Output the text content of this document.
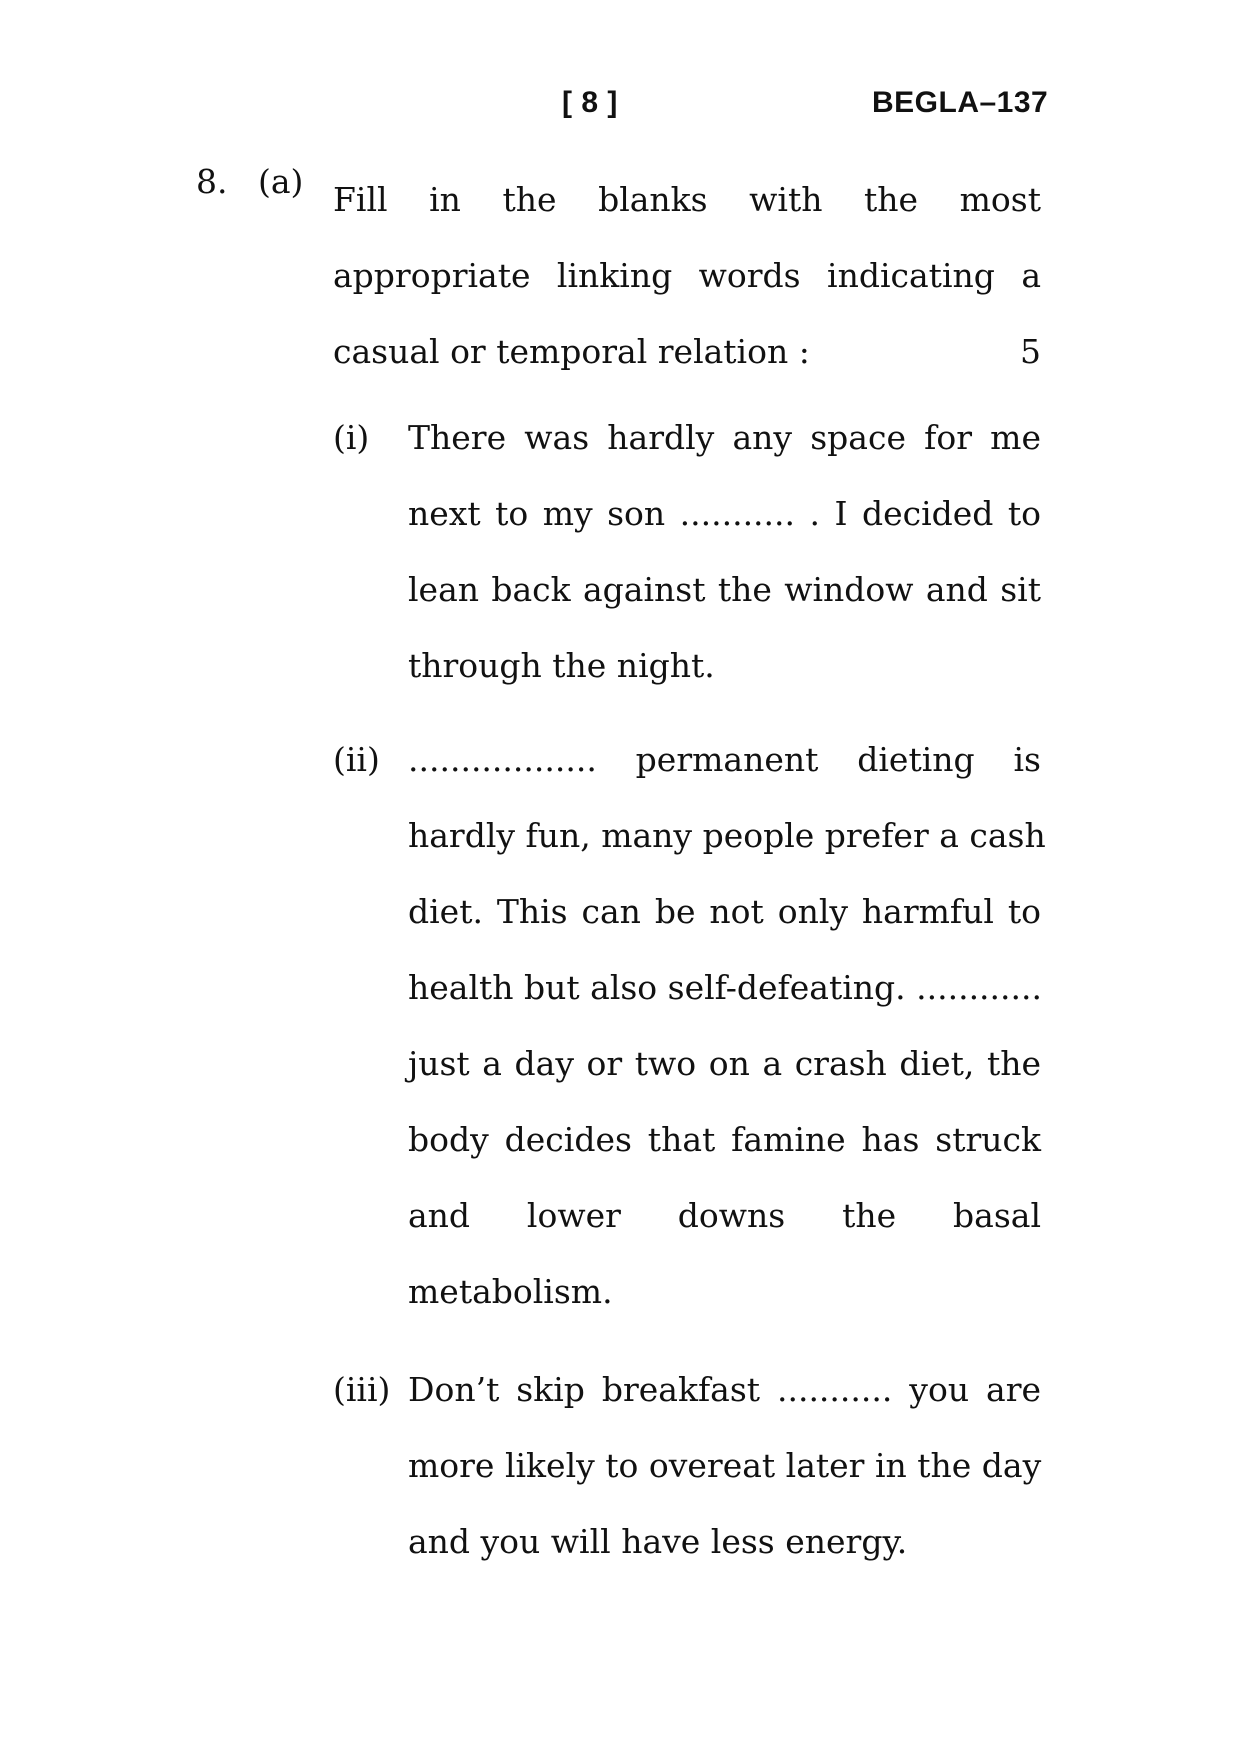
[ 8 ]	BEGLA–137
8. (a) Fill in the blanks with the most
appropriate linking words indicating a
casual or temporal relation :	5
(i) There was hardly any space for me
next to my son ........... . I decided to
lean back against the window and sit
through the night.
(ii) .................. permanent dieting is
hardly fun, many people prefer a cash
diet. This can be not only harmful to
health but also self-defeating. ............
just a day or two on a crash diet, the
body decides that famine has struck
and lower downs the basal
metabolism.
(iii) Don’t skip breakfast ........... you are
more likely to overeat later in the day
and you will have less energy.
